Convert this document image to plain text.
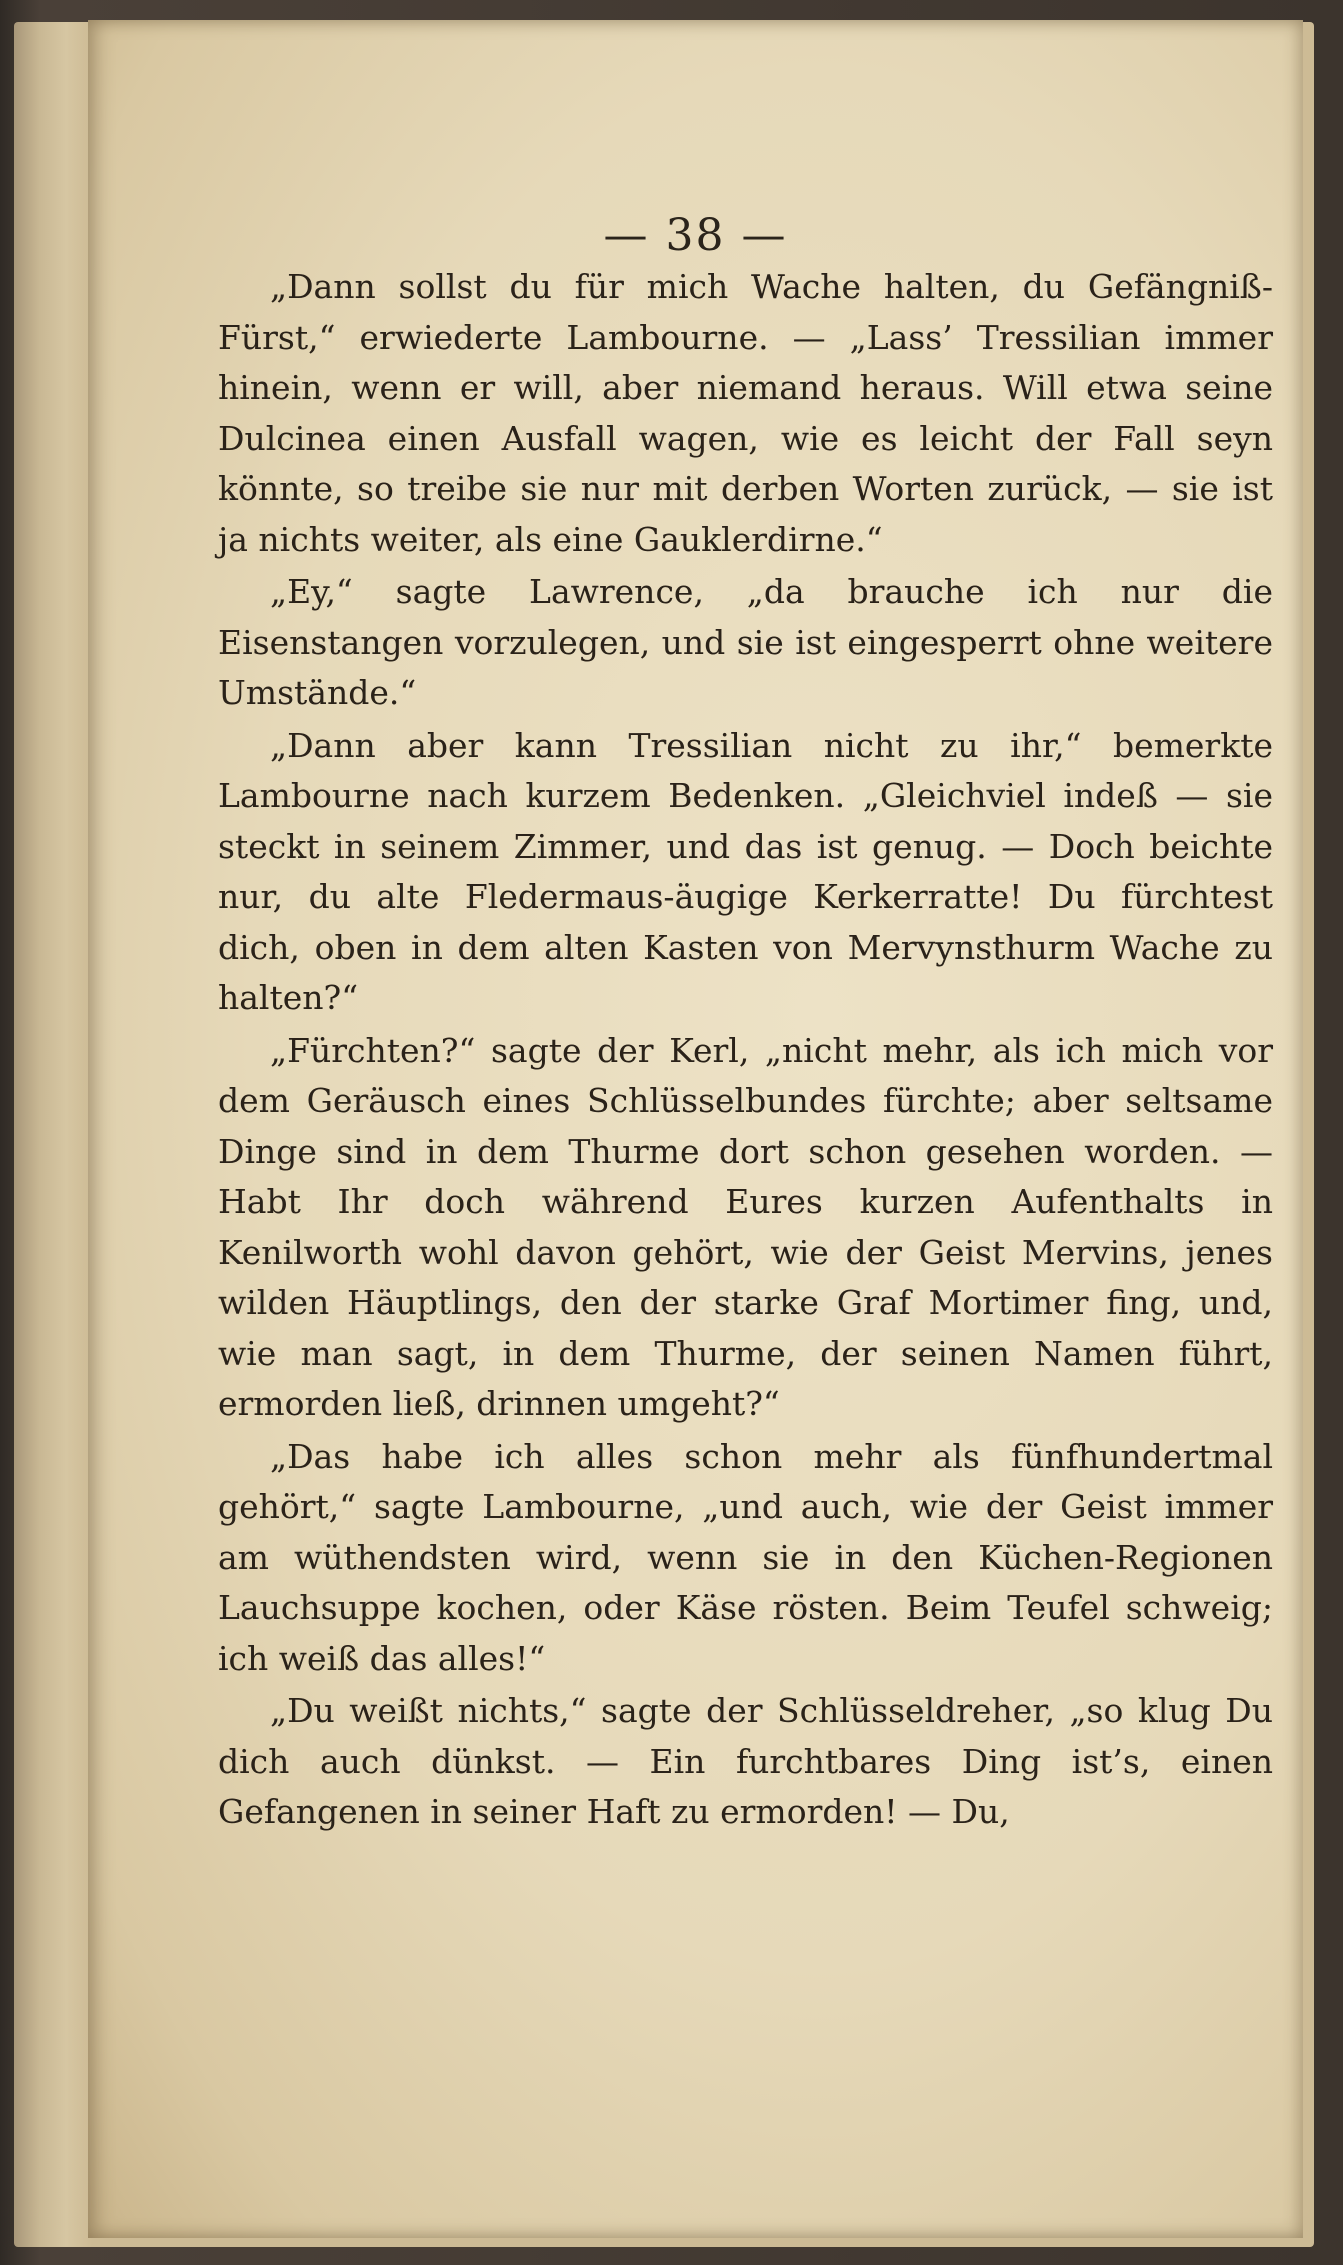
— 38 —

„Dann sollst du für mich Wache halten, du Gefängniß-Fürst,“ erwiederte Lambourne. — „Lass’ Tressilian immer hinein, wenn er will, aber niemand heraus. Will etwa seine Dulcinea einen Ausfall wagen, wie es leicht der Fall seyn könnte, so treibe sie nur mit derben Worten zurück, — sie ist ja nichts weiter, als eine Gauklerdirne.“

„Ey,“ sagte Lawrence, „da brauche ich nur die Eisenstangen vorzulegen, und sie ist eingesperrt ohne weitere Umstände.“

„Dann aber kann Tressilian nicht zu ihr,“ bemerkte Lambourne nach kurzem Bedenken. „Gleichviel indeß — sie steckt in seinem Zimmer, und das ist genug. — Doch beichte nur, du alte Fledermaus-äugige Kerkerratte! Du fürchtest dich, oben in dem alten Kasten von Mervynsthurm Wache zu halten?“

„Fürchten?“ sagte der Kerl, „nicht mehr, als ich mich vor dem Geräusch eines Schlüsselbundes fürchte; aber seltsame Dinge sind in dem Thurme dort schon gesehen worden. — Habt Ihr doch während Eures kurzen Aufenthalts in Kenilworth wohl davon gehört, wie der Geist Mervins, jenes wilden Häuptlings, den der starke Graf Mortimer fing, und, wie man sagt, in dem Thurme, der seinen Namen führt, ermorden ließ, drinnen umgeht?“

„Das habe ich alles schon mehr als fünfhundertmal gehört,“ sagte Lambourne, „und auch, wie der Geist immer am wüthendsten wird, wenn sie in den Küchen-Regionen Lauchsuppe kochen, oder Käse rösten. Beim Teufel schweig; ich weiß das alles!“

„Du weißt nichts,“ sagte der Schlüsseldreher, „so klug Du dich auch dünkst. — Ein furchtbares Ding ist’s, einen Gefangenen in seiner Haft zu ermorden! — Du,
